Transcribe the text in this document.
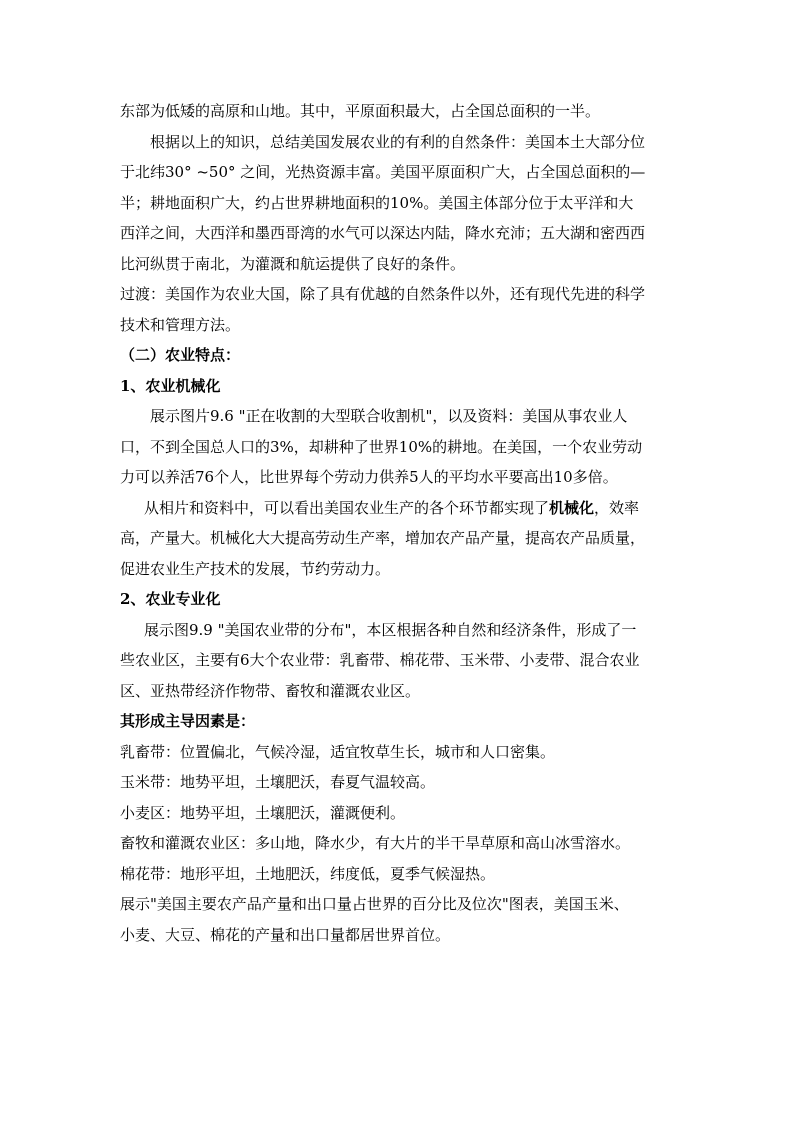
东部为低矮的高原和山地。其中，平原面积最大，占全国总面积的一半。

根据以上的知识，总结美国发展农业的有利的自然条件：美国本土大部分位

于北纬30° ~50° 之间，光热资源丰富。美国平原面积广大，占全国总面积的—

半；耕地面积广大，约占世界耕地面积的10%。美国主体部分位于太平洋和大

西洋之间，大西洋和墨西哥湾的水气可以深达内陆，降水充沛；五大湖和密西西

比河纵贯于南北，为灌溉和航运提供了良好的条件。

过渡：美国作为农业大国，除了具有优越的自然条件以外，还有现代先进的科学

技术和管理方法。

（二）农业特点：

1、农业机械化

展示图片9.6 "正在收割的大型联合收割机"，以及资料：美国从事农业人

口，不到全国总人口的3%，却耕种了世界10%的耕地。在美国，一个农业劳动

力可以养活76个人，比世界每个劳动力供养5人的平均水平要高出10多倍。

从相片和资料中，可以看出美国农业生产的各个环节都实现了机械化，效率

高，产量大。机械化大大提高劳动生产率，增加农产品产量，提高农产品质量，

促进农业生产技术的发展，节约劳动力。

2、农业专业化

展示图9.9 "美国农业带的分布"，本区根据各种自然和经济条件，形成了一

些农业区，主要有6大个农业带：乳畜带、棉花带、玉米带、小麦带、混合农业

区、亚热带经济作物带、畜牧和灌溉农业区。

其形成主导因素是：

乳畜带：位置偏北，气候冷湿，适宜牧草生长，城市和人口密集。

玉米带：地势平坦，土壤肥沃，春夏气温较高。

小麦区：地势平坦，土壤肥沃，灌溉便利。

畜牧和灌溉农业区：多山地，降水少，有大片的半干旱草原和高山冰雪溶水。

棉花带：地形平坦，土地肥沃，纬度低，夏季气候湿热。

展示"美国主要农产品产量和出口量占世界的百分比及位次"图表，美国玉米、

小麦、大豆、棉花的产量和出口量都居世界首位。
